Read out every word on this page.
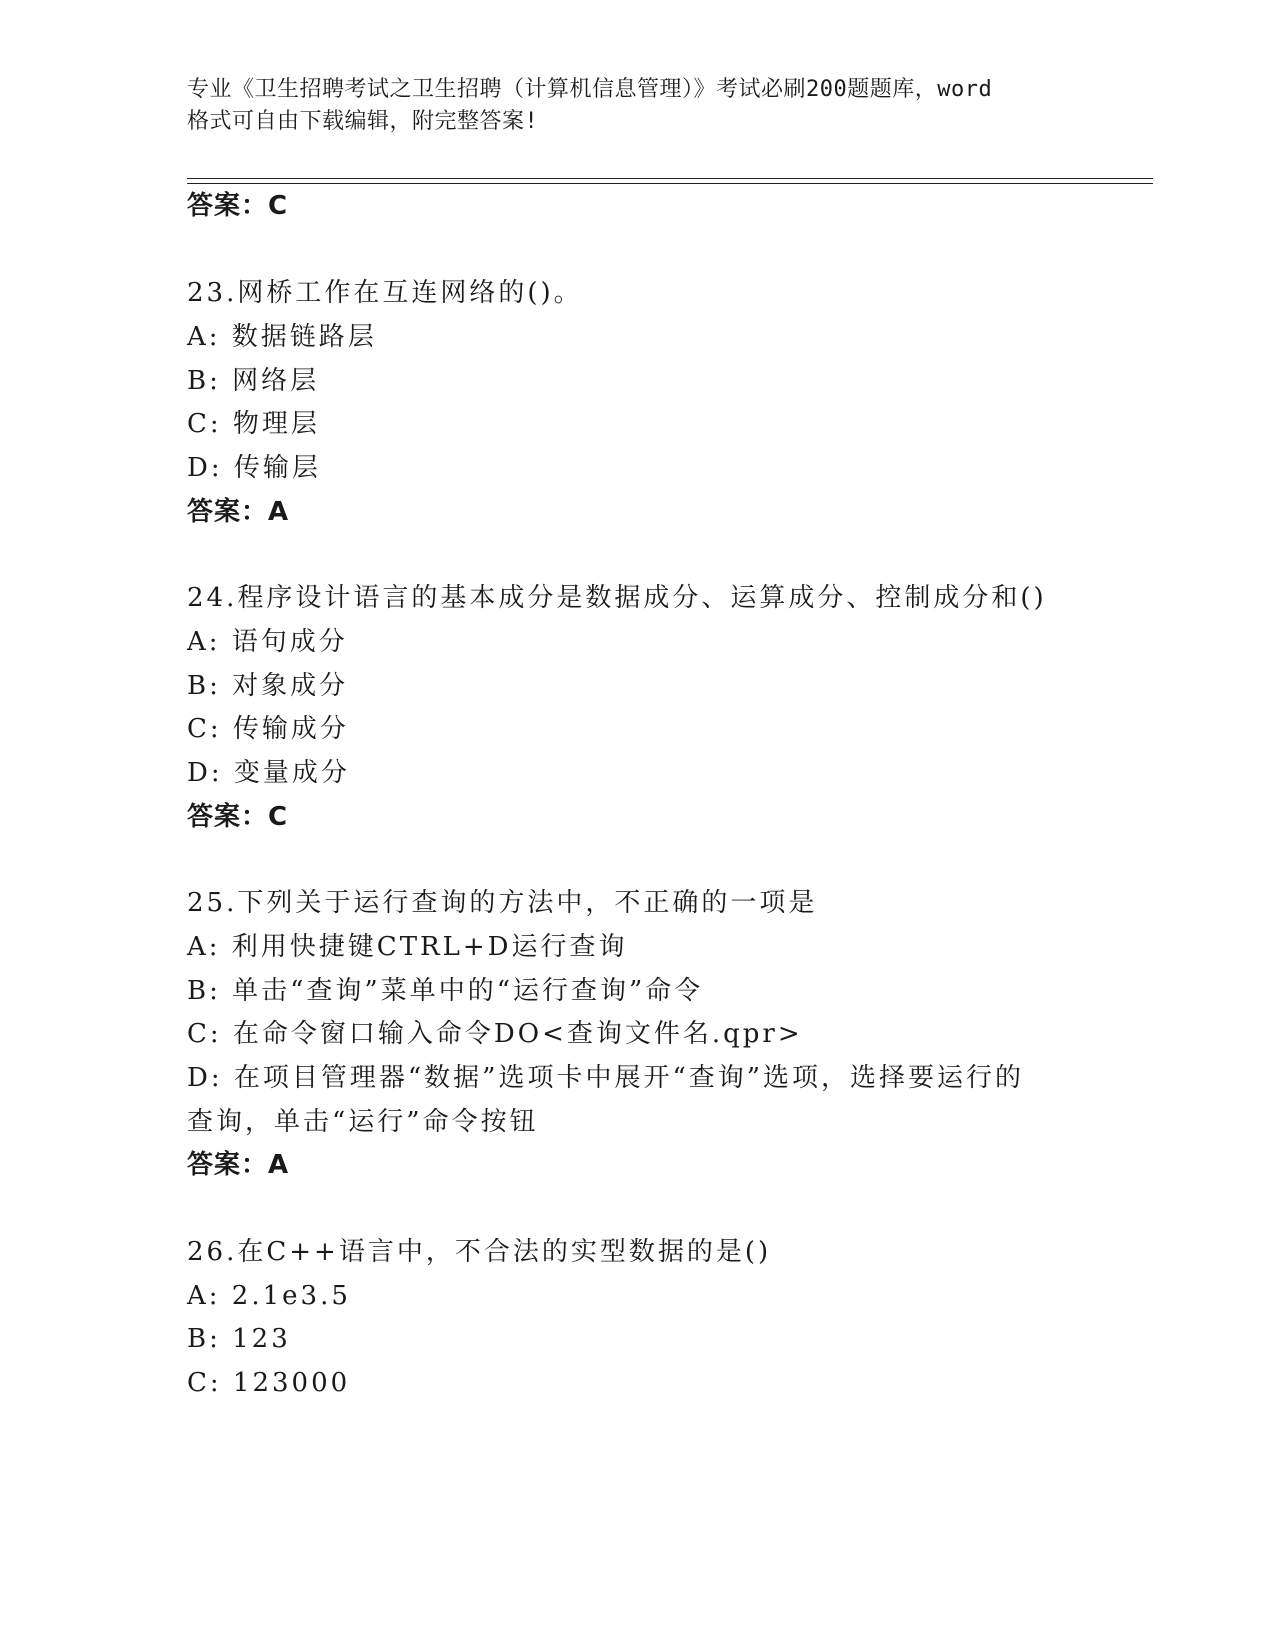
专业《卫生招聘考试之卫生招聘（计算机信息管理）》考试必刷200题题库，word
格式可自由下载编辑，附完整答案!
答案：C
23.网桥工作在互连网络的()。
A: 数据链路层
B: 网络层
C: 物理层
D: 传输层
答案：A
24.程序设计语言的基本成分是数据成分、运算成分、控制成分和()
A: 语句成分
B: 对象成分
C: 传输成分
D: 变量成分
答案：C
25.下列关于运行查询的方法中，不正确的一项是
A: 利用快捷键CTRL+D运行查询
B: 单击“查询”菜单中的“运行查询”命令
C: 在命令窗口输入命令DO<查询文件名.qpr>
D: 在项目管理器“数据”选项卡中展开“查询”选项，选择要运行的
查询，单击“运行”命令按钮
答案：A
26.在C++语言中，不合法的实型数据的是()
A: 2.1e3.5
B: 123
C: 123000
